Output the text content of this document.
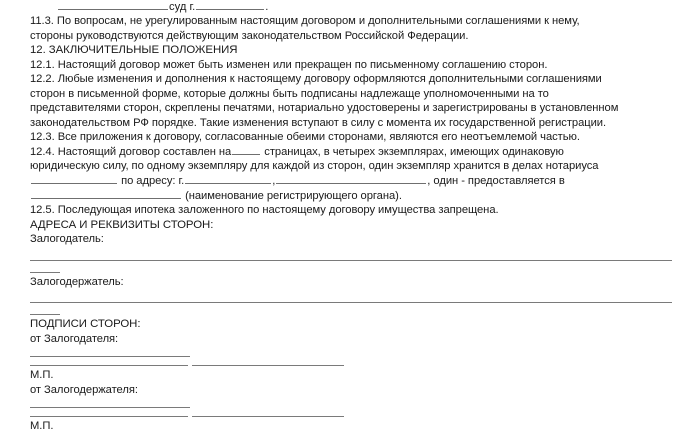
суд г.	.
11.3. По вопросам, не урегулированным настоящим договором и дополнительными соглашениями к нему,
стороны руководствуются действующим законодательством Российской Федерации.
12. ЗАКЛЮЧИТЕЛЬНЫЕ ПОЛОЖЕНИЯ
12.1. Настоящий договор может быть изменен или прекращен по письменному соглашению сторон.
12.2. Любые изменения и дополнения к настоящему договору оформляются дополнительными соглашениями
сторон в письменной форме, которые должны быть подписаны надлежаще уполномоченными на то
представителями сторон, скреплены печатями, нотариально удостоверены и зарегистрированы в установленном
законодательством РФ порядке. Такие изменения вступают в силу с момента их государственной регистрации.
12.3. Все приложения к договору, согласованные обеими сторонами, являются его неотъемлемой частью.
12.4. Настоящий договор составлен на	страницах, в четырех экземплярах, имеющих одинаковую
юридическую силу, по одному экземпляру для каждой из сторон, один экземпляр хранится в делах нотариуса
по адресу: г.	,	, один - предоставляется в
(наименование регистрирующего органа).
12.5. Последующая ипотека заложенного по настоящему договору имущества запрещена.
АДРЕСА И РЕКВИЗИТЫ СТОРОН:
Залогодатель:
Залогодержатель:
ПОДПИСИ СТОРОН:
от Залогодателя:
М.П.
от Залогодержателя:
М.П.
